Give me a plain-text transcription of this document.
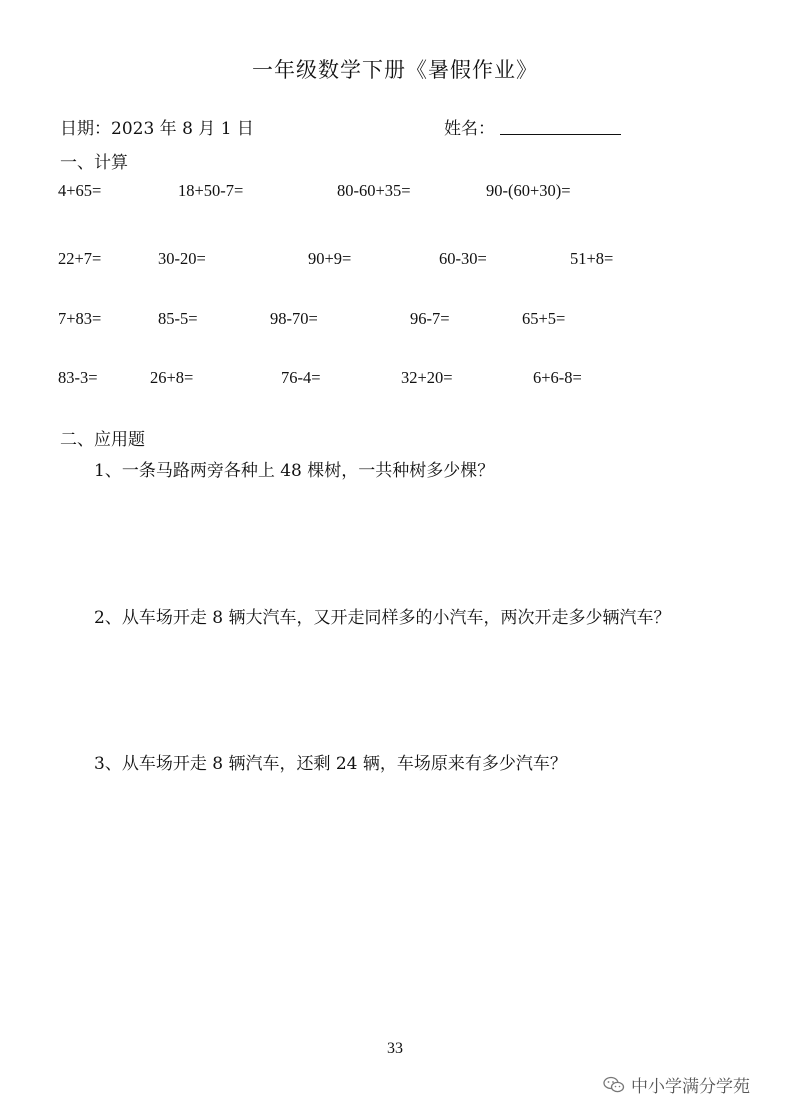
一年级数学下册《暑假作业》
日期：2023 年 8 月 1 日	姓名：
一、计算
4+65=	18+50-7=	80-60+35=	90-(60+30)=
22+7=	30-20=	90+9=	60-30=	51+8=
7+83=	85-5=	98-70=	96-7=	65+5=
83-3=	26+8=	76-4=	32+20=	6+6-8=
二、应用题
1、一条马路两旁各种上 48 棵树，一共种树多少棵？
2、从车场开走 8 辆大汽车，又开走同样多的小汽车，两次开走多少辆汽车？
3、从车场开走 8 辆汽车，还剩 24 辆，车场原来有多少汽车？
33
中小学满分学苑
